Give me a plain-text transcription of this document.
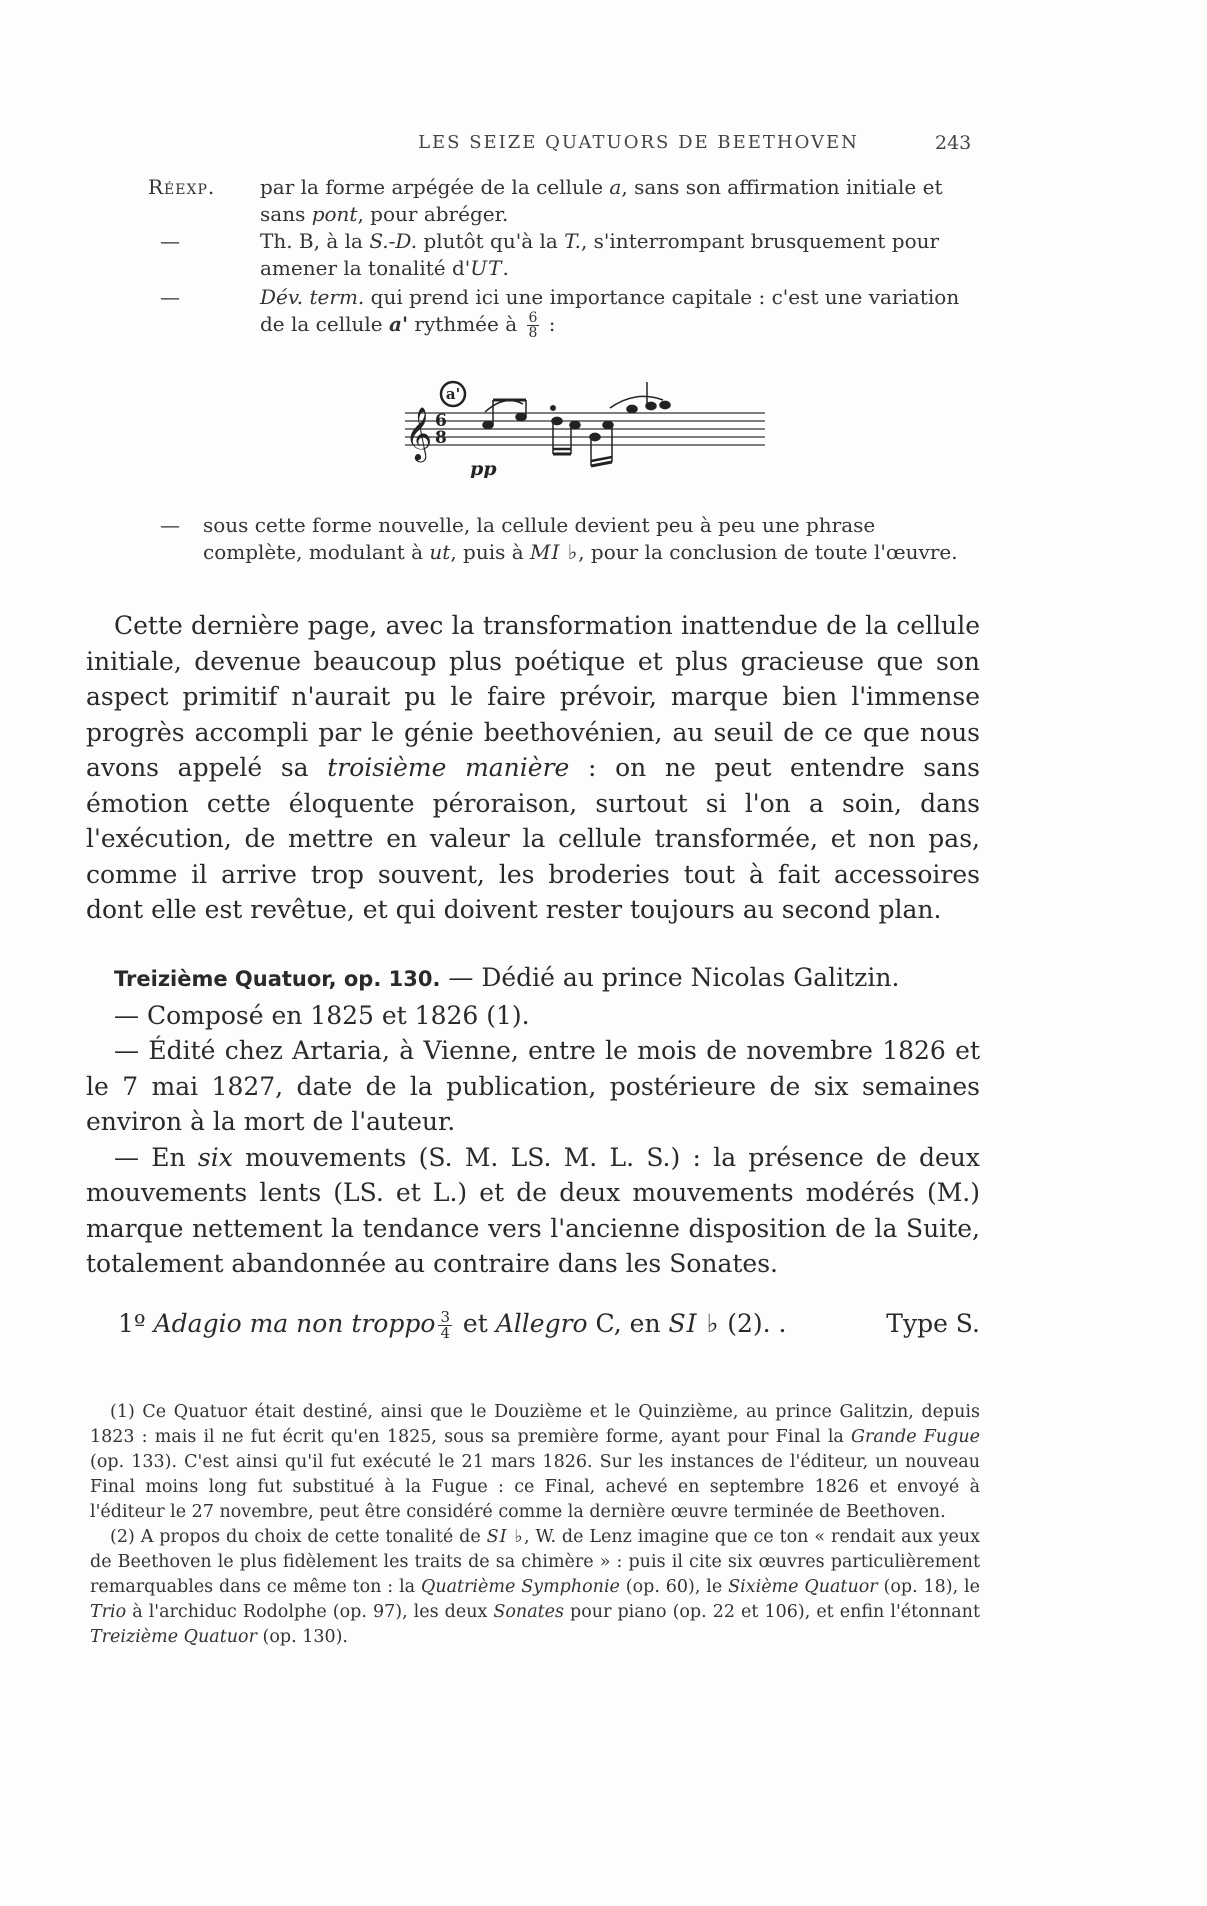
LES SEIZE QUATUORS DE BEETHOVEN	243
Réexp. par la forme arpégée de la cellule a, sans son affirmation initiale et sans pont, pour abréger.
—	Th. B, à la S.-D. plutôt qu'à la T., s'interrompant brusquement pour amener la tonalité d'UT.
—	Dév. term. qui prend ici une importance capitale : c'est une variation de la cellule a' rythmée à $\frac{6}{8}$ :
a'
𝄞 6
8
pp
— sous cette forme nouvelle, la cellule devient peu à peu une phrase complète, modulant à ut, puis à MI ♭, pour la conclusion de toute l'œuvre.
Cette dernière page, avec la transformation inattendue de la cellule initiale, devenue beaucoup plus poétique et plus gracieuse que son aspect primitif n'aurait pu le faire prévoir, marque bien l'immense progrès accompli par le génie beethovénien, au seuil de ce que nous avons appelé sa troisième manière : on ne peut entendre sans émotion cette éloquente péroraison, surtout si l'on a soin, dans l'exécution, de mettre en valeur la cellule transformée, et non pas, comme il arrive trop souvent, les broderies tout à fait accessoires dont elle est revêtue, et qui doivent rester toujours au second plan.
Treizième Quatuor, op. 130. — Dédié au prince Nicolas Galitzin.
— Composé en 1825 et 1826 (1).
— Édité chez Artaria, à Vienne, entre le mois de novembre 1826 et le 7 mai 1827, date de la publication, postérieure de six semaines environ à la mort de l'auteur.
— En six mouvements (S. M. LS. M. L. S.) : la présence de deux mouvements lents (LS. et L.) et de deux mouvements modérés (M.) marque nettement la tendance vers l'ancienne disposition de la Suite, totalement abandonnée au contraire dans les Sonates.
1º Adagio ma non troppo $\frac{3}{4}$ et Allegro C, en SI ♭ (2). .	Type S.

(1) Ce Quatuor était destiné, ainsi que le Douzième et le Quinzième, au prince Galitzin, depuis 1823 : mais il ne fut écrit qu'en 1825, sous sa première forme, ayant pour Final la Grande Fugue (op. 133). C'est ainsi qu'il fut exécuté le 21 mars 1826. Sur les instances de l'éditeur, un nouveau Final moins long fut substitué à la Fugue : ce Final, achevé en septembre 1826 et envoyé à l'éditeur le 27 novembre, peut être considéré comme la dernière œuvre terminée de Beethoven.

(2) A propos du choix de cette tonalité de SI ♭, W. de Lenz imagine que ce ton « rendait aux yeux de Beethoven le plus fidèlement les traits de sa chimère » : puis il cite six œuvres particulièrement remarquables dans ce même ton : la Quatrième Symphonie (op. 60), le Sixième Quatuor (op. 18), le Trio à l'archiduc Rodolphe (op. 97), les deux Sonates pour piano (op. 22 et 106), et enfin l'étonnant Treizième Quatuor (op. 130).
